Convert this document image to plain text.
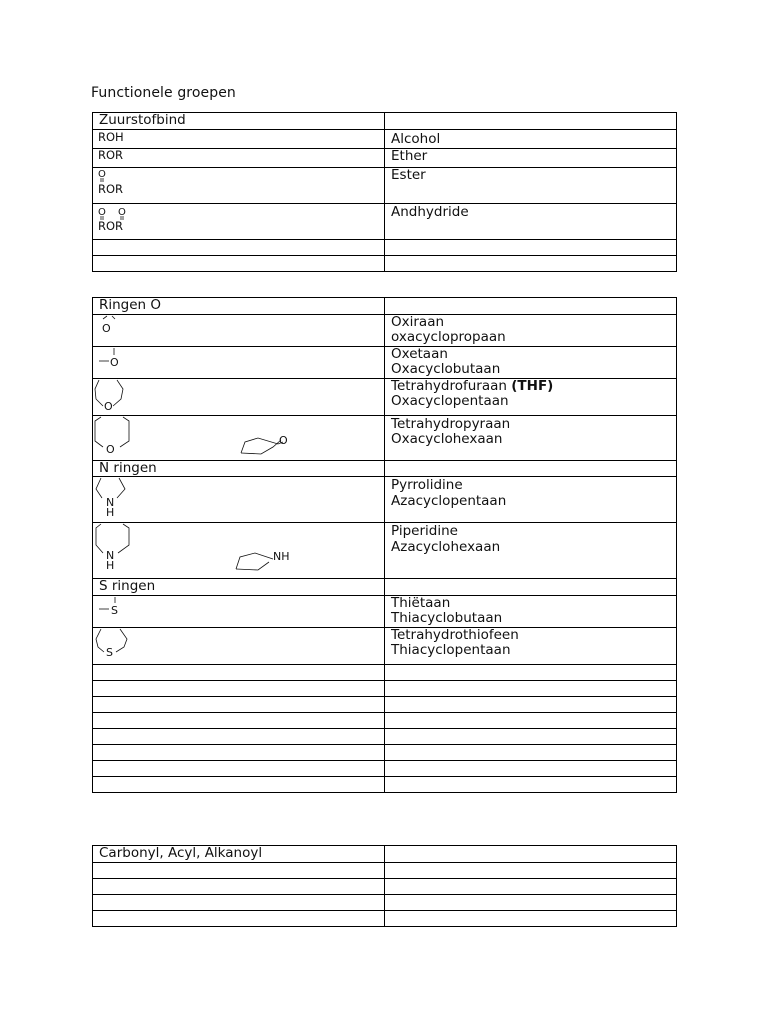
Functionele groepen
Zuurstofbind	

ROH	Alcohol

ROR	Ether

O
ROR	Ester

O O
ROR	Andhydride

Ringen O	

O	Oxiraan
oxacyclopropaan

O	Oxetaan
Oxacyclobutaan

O	Tetrahydrofuraan (THF)
Oxacyclopentaan

O
O	Tetrahydropyraan
Oxacyclohexaan

N ringen	

N
H	Pyrrolidine
Azacyclopentaan

N
H
NH	Piperidine
Azacyclohexaan

S ringen	

S	Thiëtaan
Thiacyclobutaan

S	Tetrahydrothiofeen
Thiacyclopentaan

Carbonyl, Acyl, Alkanoyl	
